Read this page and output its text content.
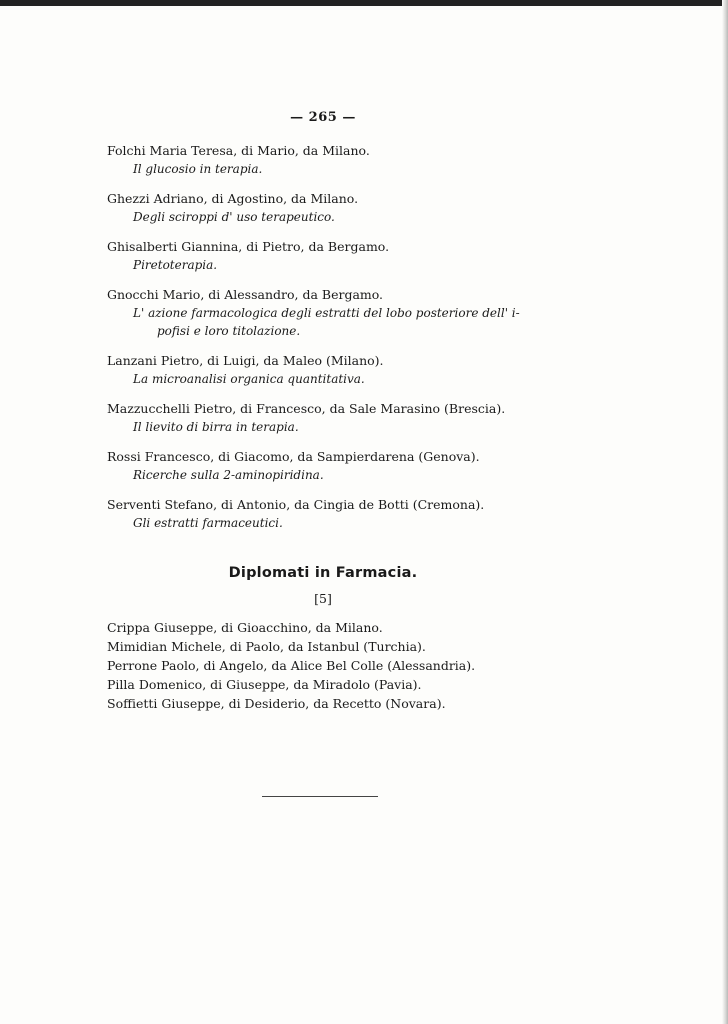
— 265 —
Folchi Maria Teresa, di Mario, da Milano.
Il glucosio in terapia.
Ghezzi Adriano, di Agostino, da Milano.
Degli sciroppi d' uso terapeutico.
Ghisalberti Giannina, di Pietro, da Bergamo.
Piretoterapia.
Gnocchi Mario, di Alessandro, da Bergamo.
L' azione farmacologica degli estratti del lobo posteriore dell' i-
pofisi e loro titolazione.
Lanzani Pietro, di Luigi, da Maleo (Milano).
La microanalisi organica quantitativa.
Mazzucchelli Pietro, di Francesco, da Sale Marasino (Brescia).
Il lievito di birra in terapia.
Rossi Francesco, di Giacomo, da Sampierdarena (Genova).
Ricerche sulla 2-aminopiridina.
Serventi Stefano, di Antonio, da Cingia de Botti (Cremona).
Gli estratti farmaceutici.
Diplomati in Farmacia.
[5]
Crippa Giuseppe, di Gioacchino, da Milano.
Mimidian Michele, di Paolo, da Istanbul (Turchia).
Perrone Paolo, di Angelo, da Alice Bel Colle (Alessandria).
Pilla Domenico, di Giuseppe, da Miradolo (Pavia).
Soffietti Giuseppe, di Desiderio, da Recetto (Novara).
